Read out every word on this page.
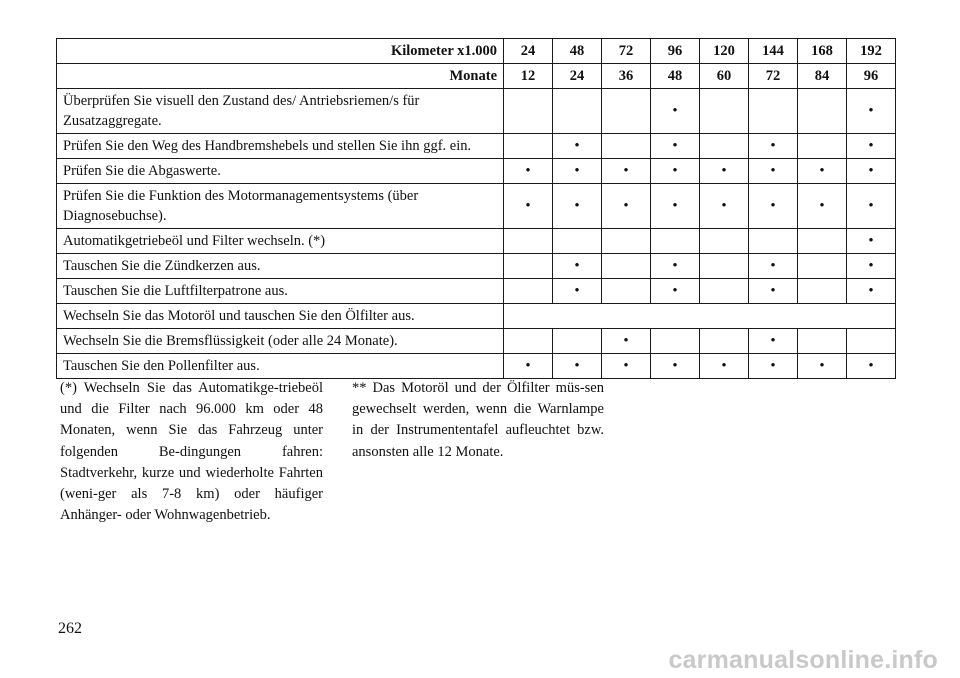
Kilometer x1.000	24	48	72	96	120	144	168	192
Monate	12	24	36	48	60	72	84	96
Überprüfen Sie visuell den Zustand des/ Antriebsriemen/s für Zusatzaggregate.				•				•
Prüfen Sie den Weg des Handbremshebels und stellen Sie ihn ggf. ein.		•		•		•		•
Prüfen Sie die Abgaswerte.	•	•	•	•	•	•	•	•
Prüfen Sie die Funktion des Motormanagementsystems (über Diagnosebuchse).	•	•	•	•	•	•	•	•
Automatikgetriebeöl und Filter wechseln. (*)								•
Tauschen Sie die Zündkerzen aus.		•		•		•		•
Tauschen Sie die Luftfilterpatrone aus.		•		•		•		•
Wechseln Sie das Motoröl und tauschen Sie den Ölfilter aus.								
Wechseln Sie die Bremsflüssigkeit (oder alle 24 Monate).			•			•		
Tauschen Sie den Pollenfilter aus.	•	•	•	•	•	•	•	•
(*) Wechseln Sie das Automatikge-triebeöl und die Filter nach 96.000 km oder 48 Monaten, wenn Sie das Fahrzeug unter folgenden Be-dingungen fahren: Stadtverkehr, kurze und wiederholte Fahrten (weni-ger als 7-8 km) oder häufiger Anhänger- oder Wohnwagenbetrieb.
** Das Motoröl und der Ölfilter müs-sen gewechselt werden, wenn die Warnlampe in der Instrumententafel aufleuchtet bzw. ansonsten alle 12 Monate.
262
carmanualsonline.info
